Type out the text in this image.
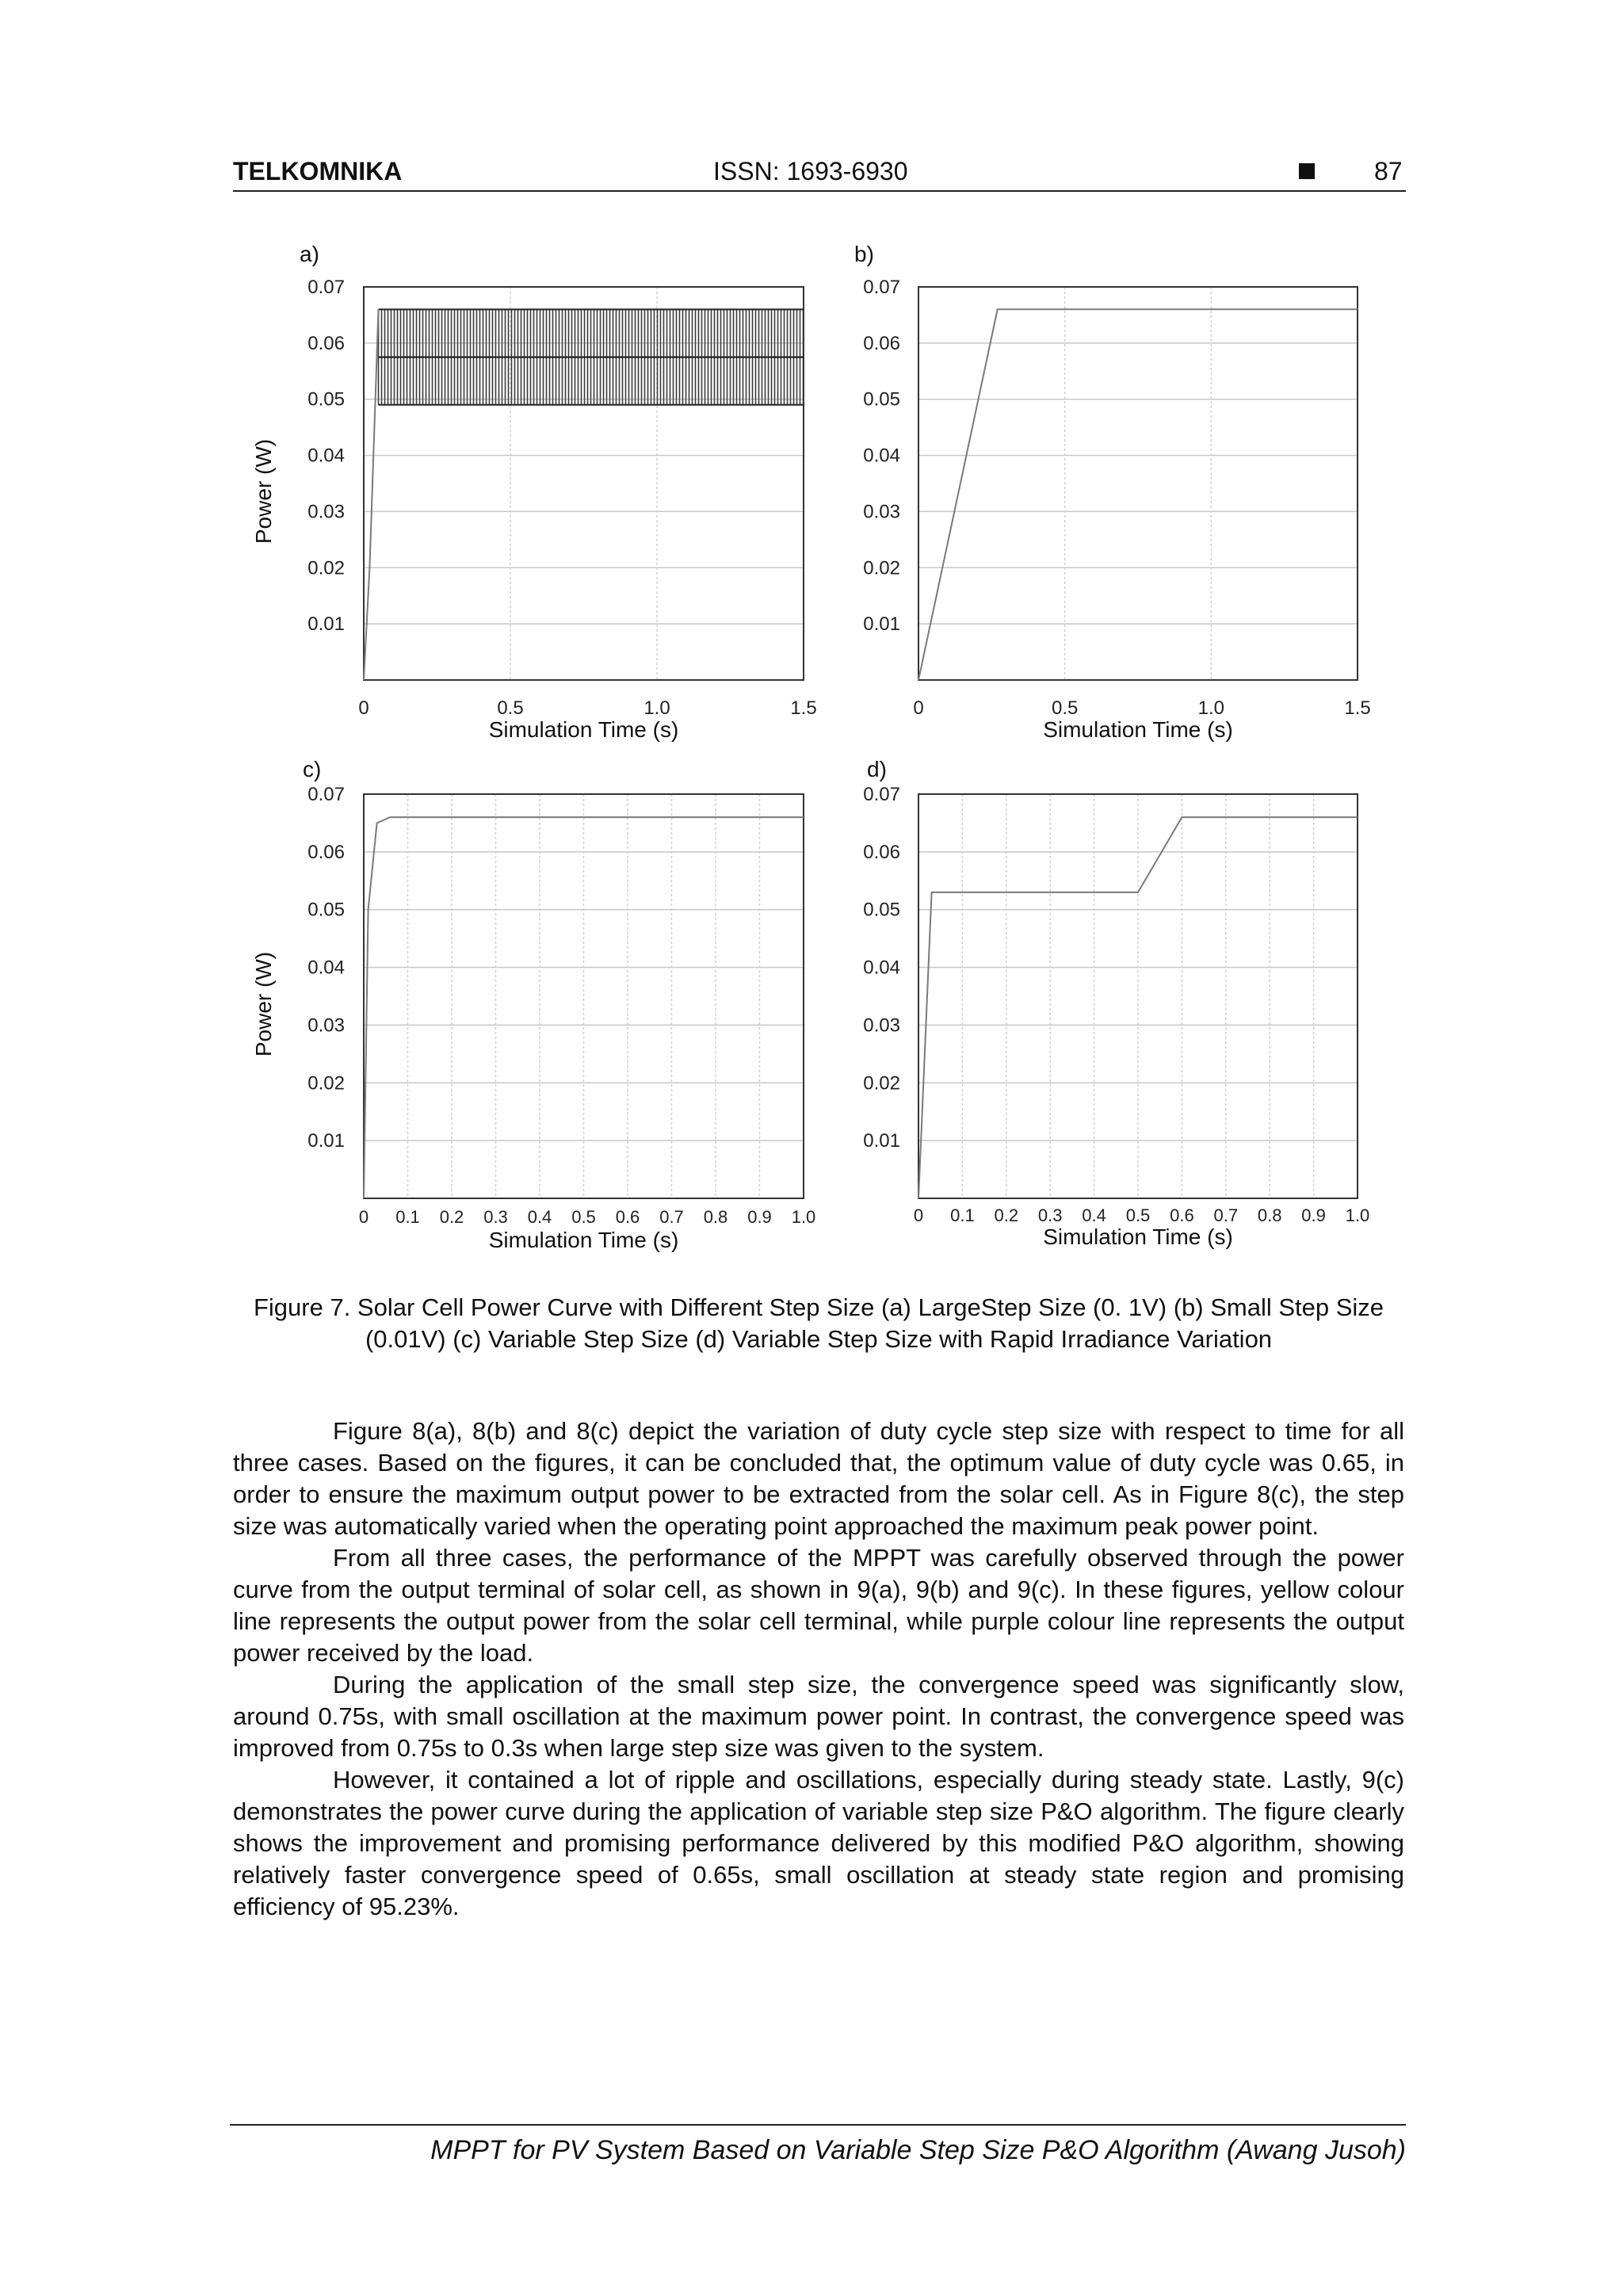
TELKOMNIKA	ISSN: 1693-6930	87
0.01
0.02
0.03
0.04
0.05
0.06
0.07
0	0.5	1.0	1.5
a)
Simulation Time (s)
Power (W)
0.01
0.02
0.03
0.04
0.05
0.06
0.07
0	0.5	1.0	1.5
b)
Simulation Time (s)
0.01
0.02
0.03
0.04
0.05
0.06
0.07
0 0.1 0.2 0.3 0.4 0.5 0.6 0.7 0.8 0.9 1.0
c)
Simulation Time (s)
Power (W)
0.01
0.02
0.03
0.04
0.05
0.06
0.07
0 0.1 0.2 0.3 0.4 0.5 0.6 0.7 0.8 0.9 1.0
d)
Simulation Time (s)
Figure 7. Solar Cell Power Curve with Different Step Size (a) LargeStep Size (0. 1V) (b) Small Step Size (0.01V) (c) Variable Step Size (d) Variable Step Size with Rapid Irradiance Variation

Figure 8(a), 8(b) and 8(c) depict the variation of duty cycle step size with respect to time for all three cases. Based on the figures, it can be concluded that, the optimum value of duty cycle was 0.65, in order to ensure the maximum output power to be extracted from the solar cell. As in Figure 8(c), the step size was automatically varied when the operating point approached the maximum peak power point.

From all three cases, the performance of the MPPT was carefully observed through the power curve from the output terminal of solar cell, as shown in 9(a), 9(b) and 9(c). In these figures, yellow colour line represents the output power from the solar cell terminal, while purple colour line represents the output power received by the load.

During the application of the small step size, the convergence speed was significantly slow, around 0.75s, with small oscillation at the maximum power point. In contrast, the convergence speed was improved from 0.75s to 0.3s when large step size was given to the system.

However, it contained a lot of ripple and oscillations, especially during steady state. Lastly, 9(c) demonstrates the power curve during the application of variable step size P&O algorithm. The figure clearly shows the improvement and promising performance delivered by this modified P&O algorithm, showing relatively faster convergence speed of 0.65s, small oscillation at steady state region and promising efficiency of 95.23%.

MPPT for PV System Based on Variable Step Size P&O Algorithm (Awang Jusoh)
